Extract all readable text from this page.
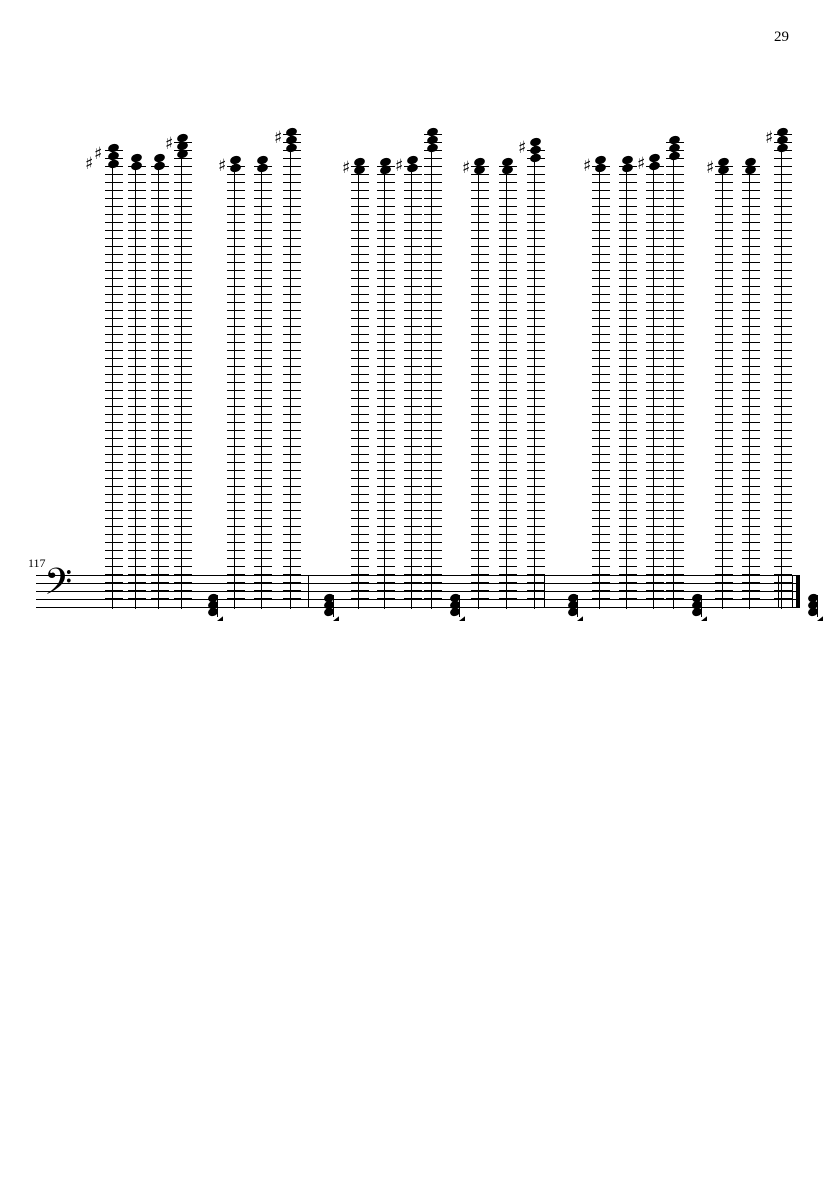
29
117
𝄢
♯
♯
♯
♯
♯
♯	♯	♯
♯
♯	♯	♯
♯
